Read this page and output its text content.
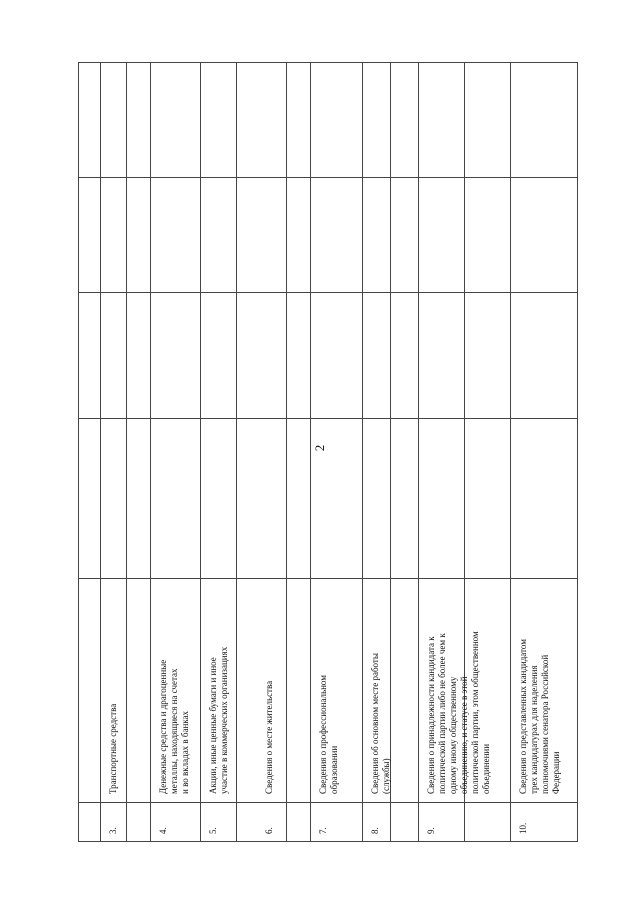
2
3.
Транспортные средства
4.
Денежные средства и драгоценные
металлы, находящиеся на счетах
и во вкладах в банках
5.
Акции, иные ценные бумаги и иное
участие в коммерческих организациях
6.
Сведения о месте жительства
7.
Сведения о профессиональном
образовании
8.
Сведения об основном месте работы
(службы)
9.
Сведения о принадлежности кандидата к
политической партии либо не более чем к
одному иному общественному
объединению, и статусе в этой
политической партии, этом общественном
объединении
10.
Сведения о представленных кандидатом
трех кандидатурах для наделения
полномочиями сенатора Российской
Федерации
